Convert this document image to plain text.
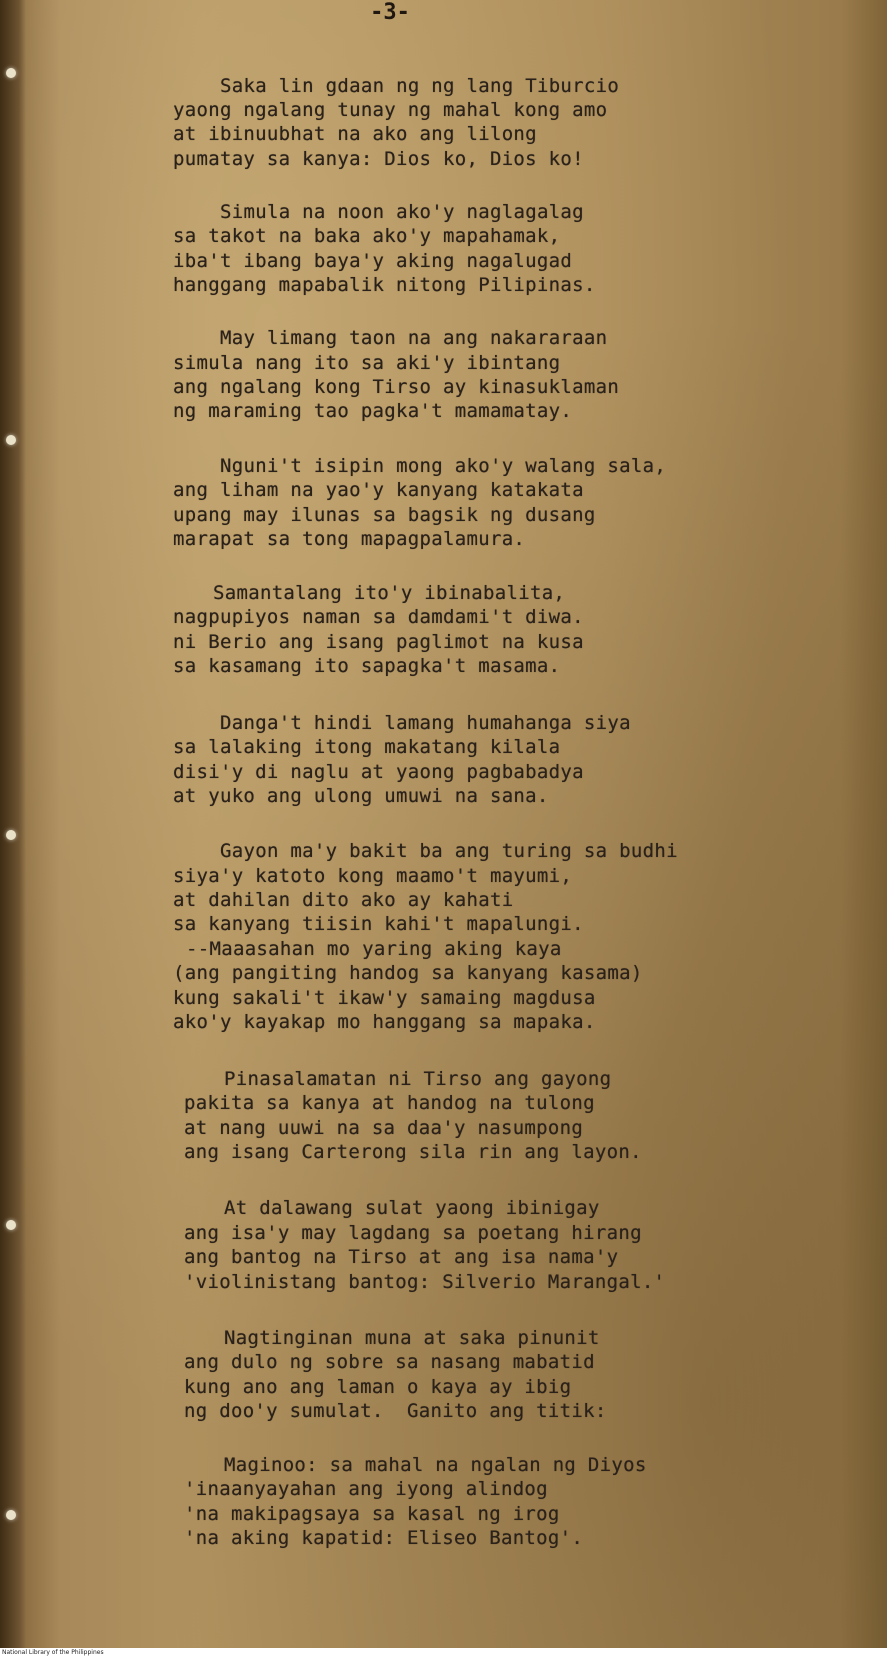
-3-
Saka lin gdaan ng ng lang Tiburcio
yaong ngalang tunay ng mahal kong amo
at ibinuubhat na ako ang lilong
pumatay sa kanya: Dios ko, Dios ko!
Simula na noon ako'y naglagalag
sa takot na baka ako'y mapahamak,
iba't ibang baya'y aking nagalugad
hanggang mapabalik nitong Pilipinas.
May limang taon na ang nakararaan
simula nang ito sa aki'y ibintang
ang ngalang kong Tirso ay kinasuklaman
ng maraming tao pagka't mamamatay.
Nguni't isipin mong ako'y walang sala,
ang liham na yao'y kanyang katakata
upang may ilunas sa bagsik ng dusang
marapat sa tong mapagpalamura.
Samantalang ito'y ibinabalita,
nagpupiyos naman sa damdami't diwa.
ni Berio ang isang paglimot na kusa
sa kasamang ito sapagka't masama.
Danga't hindi lamang humahanga siya
sa lalaking itong makatang kilala
disi'y di naglu at yaong pagbabadya
at yuko ang ulong umuwi na sana.
Gayon ma'y bakit ba ang turing sa budhi
siya'y katoto kong maamo't mayumi,
at dahilan dito ako ay kahati
sa kanyang tiisin kahi't mapalungi.
--Maaasahan mo yaring aking kaya
(ang pangiting handog sa kanyang kasama)
kung sakali't ikaw'y samaing magdusa
ako'y kayakap mo hanggang sa mapaka.
Pinasalamatan ni Tirso ang gayong
pakita sa kanya at handog na tulong
at nang uuwi na sa daa'y nasumpong
ang isang Carterong sila rin ang layon.
At dalawang sulat yaong ibinigay
ang isa'y may lagdang sa poetang hirang
ang bantog na Tirso at ang isa nama'y
'violinistang bantog: Silverio Marangal.'
Nagtinginan muna at saka pinunit
ang dulo ng sobre sa nasang mabatid
kung ano ang laman o kaya ay ibig
ng doo'y sumulat.  Ganito ang titik:
Maginoo: sa mahal na ngalan ng Diyos
'inaanyayahan ang iyong alindog
'na makipagsaya sa kasal ng irog
'na aking kapatid: Eliseo Bantog'.
National Library of the Philippines
